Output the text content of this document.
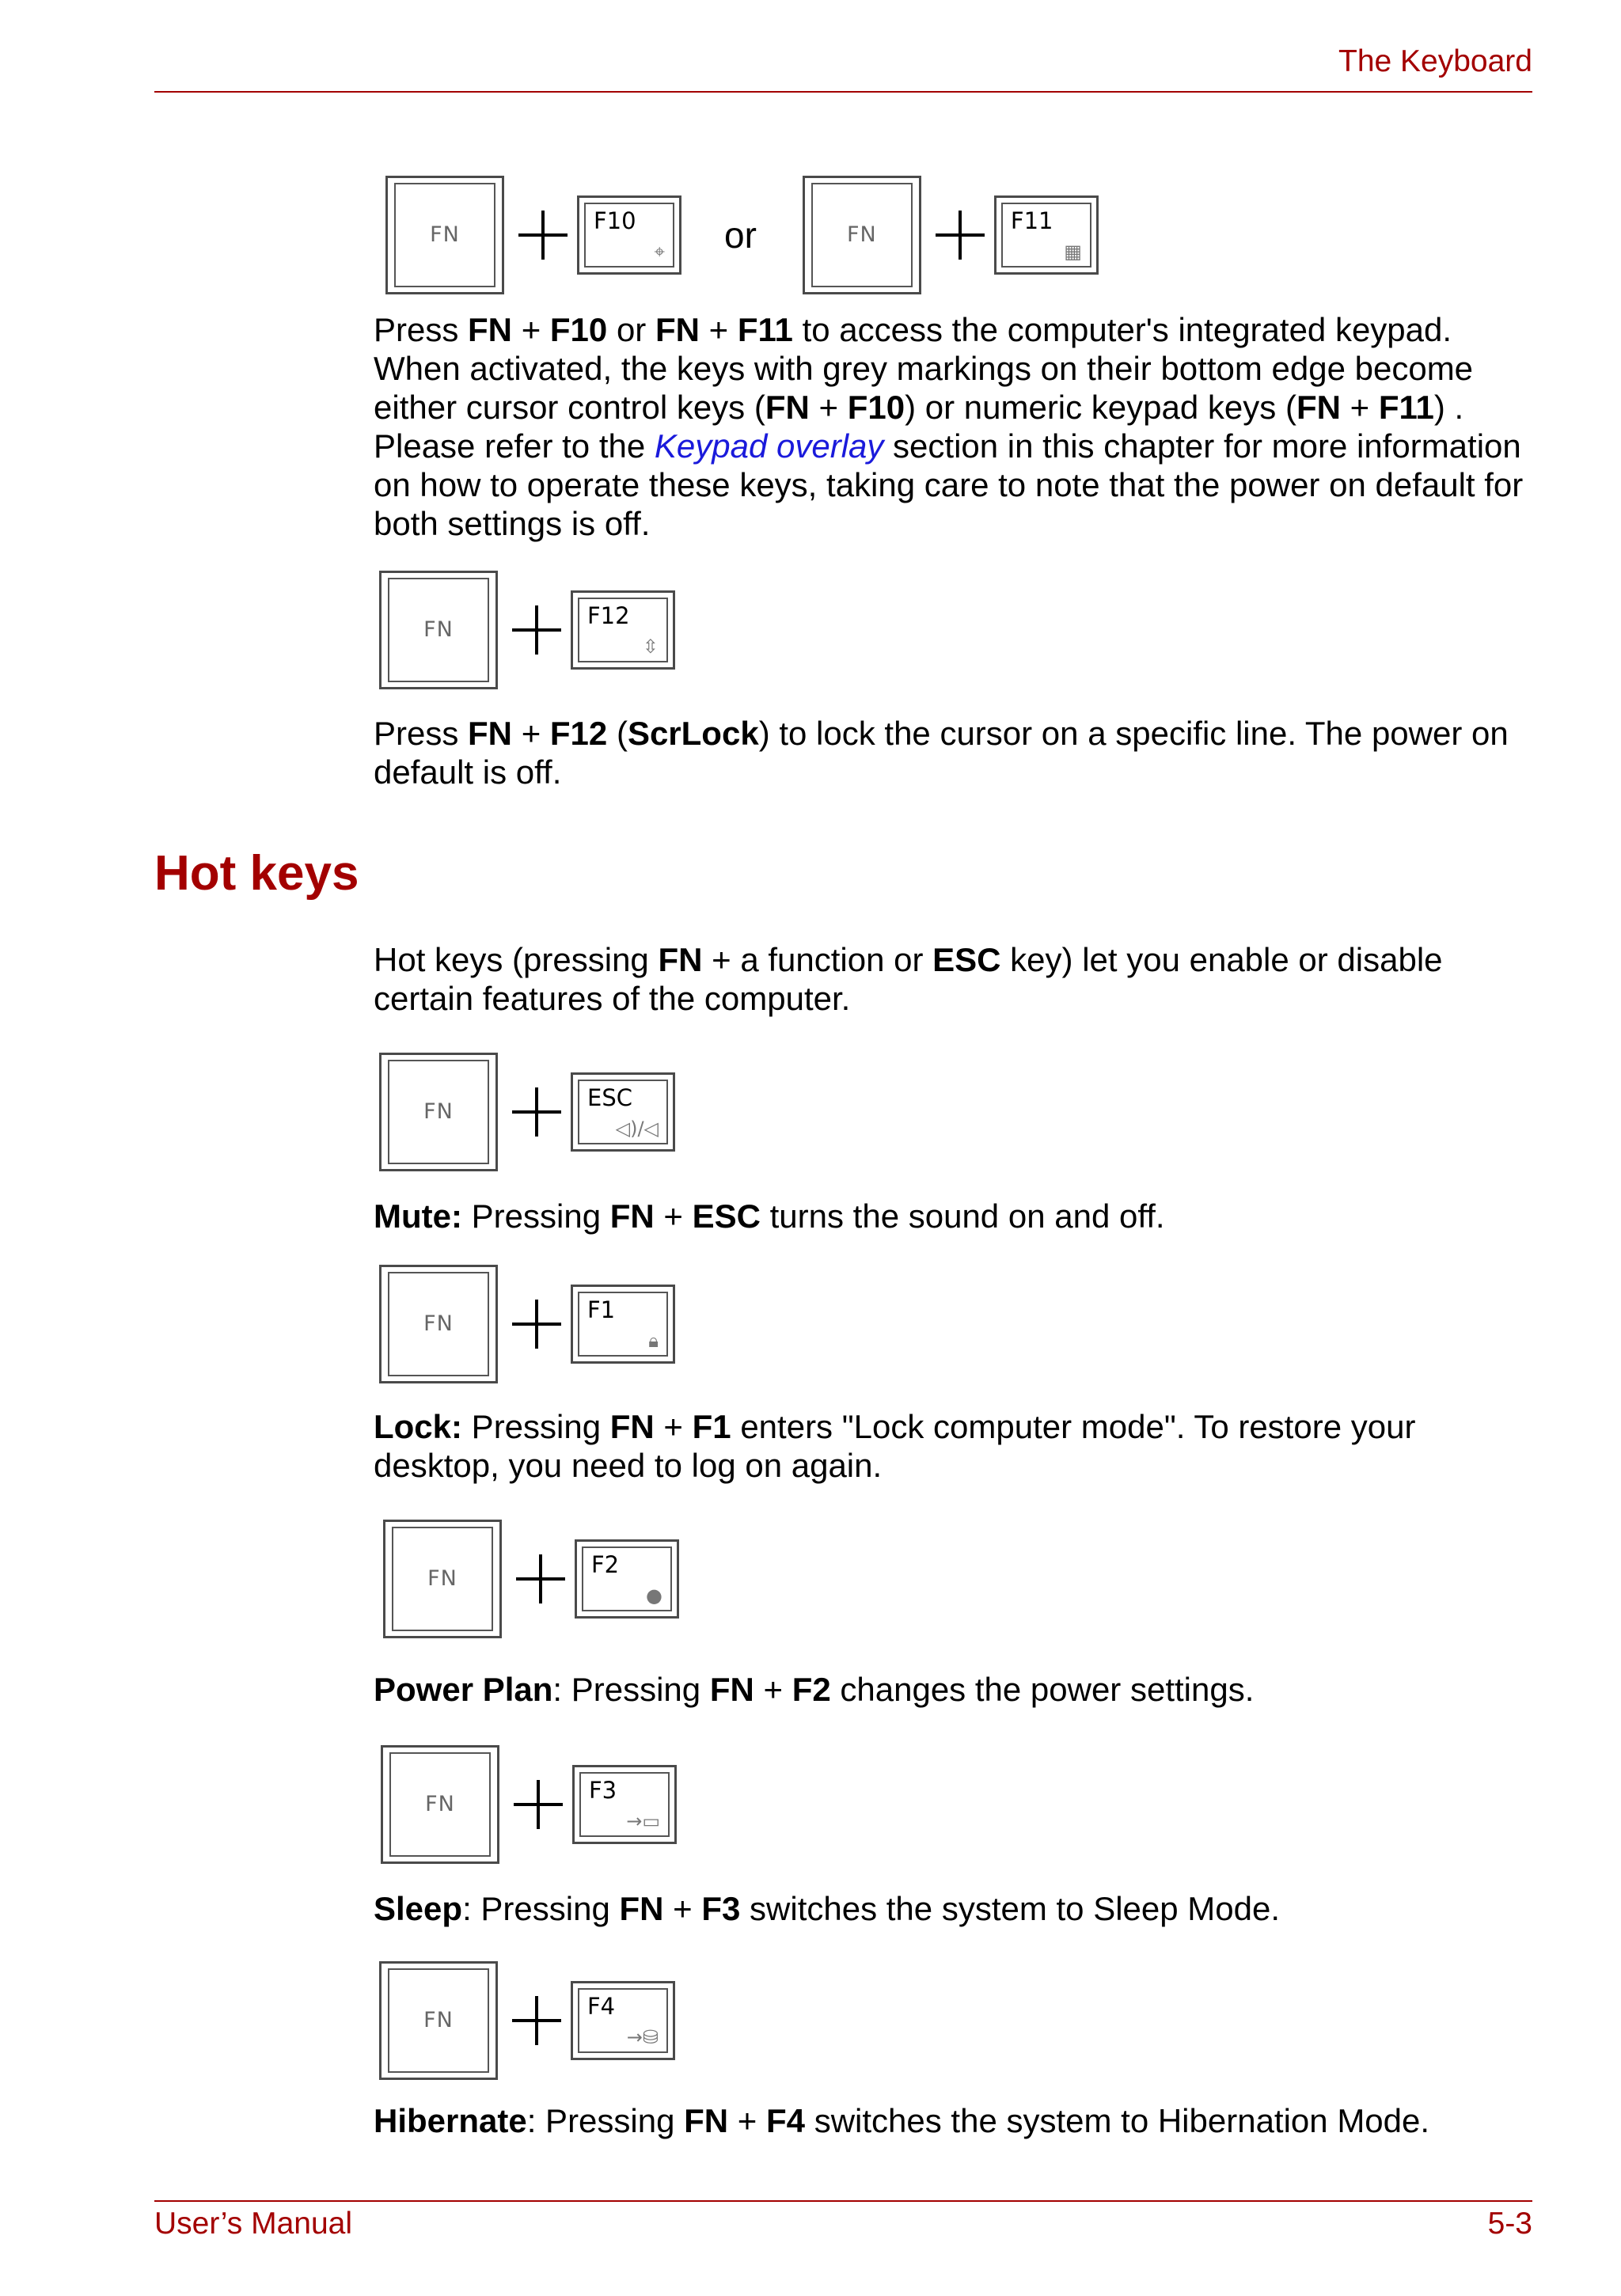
The Keyboard
FN
F10
⌖ or	FN
F11
▦

Press FN + F10 or FN + F11 to access the computer's integrated keypad. When activated, the keys with grey markings on their bottom edge become either cursor control keys (FN + F10) or numeric keypad keys (FN + F11) . Please refer to the Keypad overlay section in this chapter for more information on how to operate these keys, taking care to note that the power on default for both settings is off.

FN
F12
⇳

Press FN + F12 (ScrLock) to lock the cursor on a specific line. The power on default is off.

Hot keys

Hot keys (pressing FN + a function or ESC key) let you enable or disable certain features of the computer.

FN
ESC
◁)/◁

Mute: Pressing FN + ESC turns the sound on and off.

FN
F1
🔒︎

Lock: Pressing FN + F1 enters "Lock computer mode". To restore your desktop, you need to log on again.

FN
F2
●

Power Plan: Pressing FN + F2 changes the power settings.

FN
F3
→▭

Sleep: Pressing FN + F3 switches the system to Sleep Mode.

FN
F4
→⛁

Hibernate: Pressing FN + F4 switches the system to Hibernation Mode.

User’s Manual	5-3
